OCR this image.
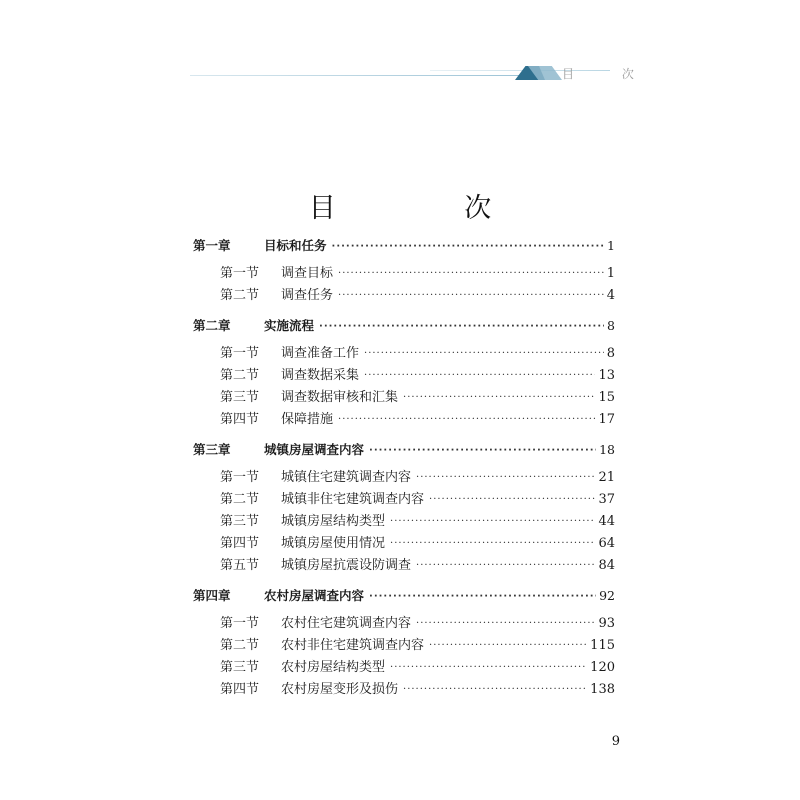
目 次
目 次
第一章	目标和任务 ·····	1
第一节	调查目标 ·····	1
第二节	调查任务 ·····	4
第二章	实施流程 ·····	8
第一节	调查准备工作 ·····	8
第二节	调查数据采集 ·····	13
第三节	调查数据审核和汇集 ·····	15
第四节	保障措施 ·····	17
第三章	城镇房屋调查内容 ·····	18
第一节	城镇住宅建筑调查内容 ·····	21
第二节	城镇非住宅建筑调查内容 ·····	37
第三节	城镇房屋结构类型 ·····	44
第四节	城镇房屋使用情况 ·····	64
第五节	城镇房屋抗震设防调查 ·····	84
第四章	农村房屋调查内容 ·····	92
第一节	农村住宅建筑调查内容 ·····	93
第二节	农村非住宅建筑调查内容 ·····	115
第三节	农村房屋结构类型 ·····	120
第四节	农村房屋变形及损伤 ·····	138
9
